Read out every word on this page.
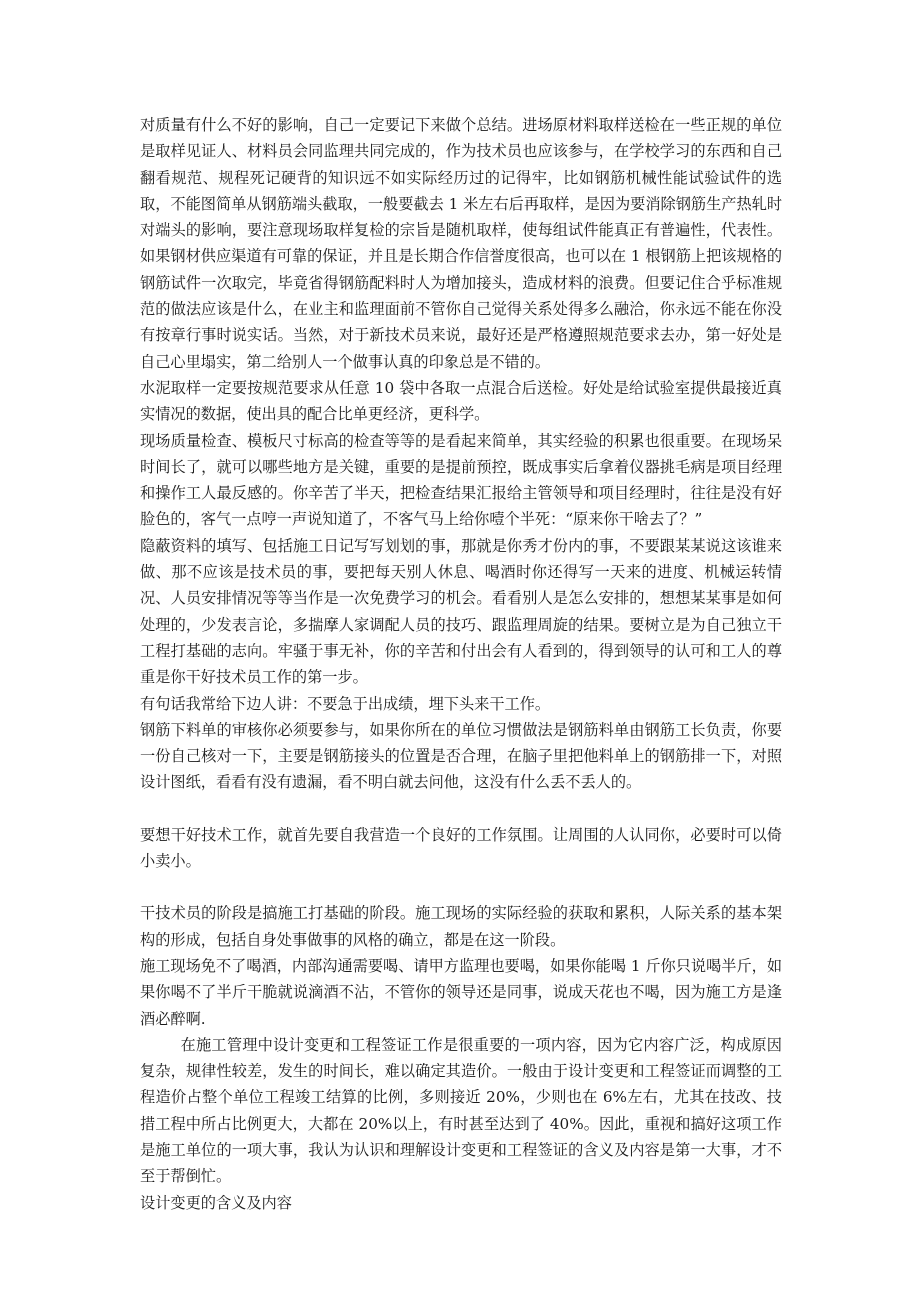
对质量有什么不好的影响，自己一定要记下来做个总结。进场原材料取样送检在一些正规的单位是取样见证人、材料员会同监理共同完成的，作为技术员也应该参与，在学校学习的东西和自己翻看规范、规程死记硬背的知识远不如实际经历过的记得牢，比如钢筋机械性能试验试件的选取，不能图简单从钢筋端头截取，一般要截去 1 米左右后再取样，是因为要消除钢筋生产热轧时对端头的影响，要注意现场取样复检的宗旨是随机取样，使每组试件能真正有普遍性，代表性。如果钢材供应渠道有可靠的保证，并且是长期合作信誉度很高，也可以在 1 根钢筋上把该规格的钢筋试件一次取完，毕竟省得钢筋配料时人为增加接头，造成材料的浪费。但要记住合乎标准规范的做法应该是什么，在业主和监理面前不管你自己觉得关系处得多么融洽，你永远不能在你没有按章行事时说实话。当然，对于新技术员来说，最好还是严格遵照规范要求去办，第一好处是自己心里塌实，第二给别人一个做事认真的印象总是不错的。

水泥取样一定要按规范要求从任意 10 袋中各取一点混合后送检。好处是给试验室提供最接近真实情况的数据，使出具的配合比单更经济，更科学。

现场质量检查、模板尺寸标高的检查等等的是看起来简单，其实经验的积累也很重要。在现场呆时间长了，就可以哪些地方是关键，重要的是提前预控，既成事实后拿着仪器挑毛病是项目经理和操作工人最反感的。你辛苦了半天，把检查结果汇报给主管领导和项目经理时，往往是没有好脸色的，客气一点哼一声说知道了，不客气马上给你噎个半死：“原来你干啥去了？”

隐蔽资料的填写、包括施工日记写写划划的事，那就是你秀才份内的事，不要跟某某说这该谁来做、那不应该是技术员的事，要把每天别人休息、喝酒时你还得写一天来的进度、机械运转情况、人员安排情况等等当作是一次免费学习的机会。看看别人是怎么安排的，想想某某事是如何处理的，少发表言论，多揣摩人家调配人员的技巧、跟监理周旋的结果。要树立是为自己独立干工程打基础的志向。牢骚于事无补，你的辛苦和付出会有人看到的，得到领导的认可和工人的尊重是你干好技术员工作的第一步。

有句话我常给下边人讲：不要急于出成绩，埋下头来干工作。

钢筋下料单的审核你必须要参与，如果你所在的单位习惯做法是钢筋料单由钢筋工长负责，你要一份自己核对一下，主要是钢筋接头的位置是否合理，在脑子里把他料单上的钢筋排一下，对照设计图纸，看看有没有遗漏，看不明白就去问他，这没有什么丢不丢人的。

要想干好技术工作，就首先要自我营造一个良好的工作氛围。让周围的人认同你，必要时可以倚小卖小。

干技术员的阶段是搞施工打基础的阶段。施工现场的实际经验的获取和累积，人际关系的基本架构的形成，包括自身处事做事的风格的确立，都是在这一阶段。

施工现场免不了喝酒，内部沟通需要喝、请甲方监理也要喝，如果你能喝 1 斤你只说喝半斤，如果你喝不了半斤干脆就说滴酒不沾，不管你的领导还是同事，说成天花也不喝，因为施工方是逢酒必醉啊.

在施工管理中设计变更和工程签证工作是很重要的一项内容，因为它内容广泛，构成原因复杂，规律性较差，发生的时间长，难以确定其造价。一般由于设计变更和工程签证而调整的工程造价占整个单位工程竣工结算的比例，多则接近 20%，少则也在 6%左右，尤其在技改、技措工程中所占比例更大，大都在 20%以上，有时甚至达到了 40%。因此，重视和搞好这项工作是施工单位的一项大事，我认为认识和理解设计变更和工程签证的含义及内容是第一大事，才不至于帮倒忙。

设计变更的含义及内容
